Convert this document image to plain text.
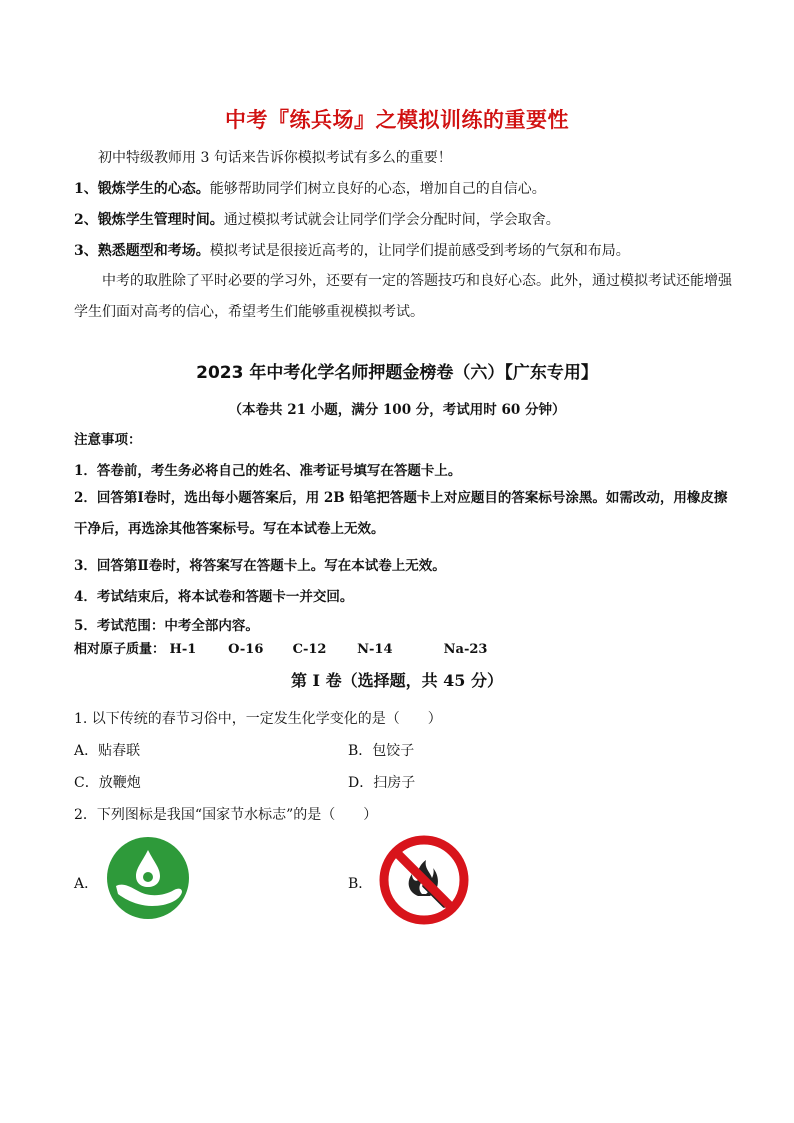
中考『练兵场』之模拟训练的重要性
初中特级教师用 3 句话来告诉你模拟考试有多么的重要！
1、锻炼学生的心态。能够帮助同学们树立良好的心态，增加自己的自信心。
2、锻炼学生管理时间。通过模拟考试就会让同学们学会分配时间，学会取舍。
3、熟悉题型和考场。模拟考试是很接近高考的，让同学们提前感受到考场的气氛和布局。
中考的取胜除了平时必要的学习外，还要有一定的答题技巧和良好心态。此外，通过模拟考试还能增强学生们面对高考的信心，希望考生们能够重视模拟考试。
2023 年中考化学名师押题金榜卷（六）【广东专用】
（本卷共 21 小题，满分 100 分，考试用时 60 分钟）
注意事项：
1．答卷前，考生务必将自己的姓名、准考证号填写在答题卡上。
2．回答第Ⅰ卷时，选出每小题答案后，用 2B 铅笔把答题卡上对应题目的答案标号涂黑。如需改动，用橡皮擦干净后，再选涂其他答案标号。写在本试卷上无效。
3．回答第Ⅱ卷时，将答案写在答题卡上。写在本试卷上无效。
4．考试结束后，将本试卷和答题卡一并交回。
5．考试范围：中考全部内容。
相对原子质量： H-1 O-16 C-12 N-14	Na-23
第 I 卷（选择题，共 45 分）
1. 以下传统的春节习俗中，一定发生化学变化的是（　　）
A．贴春联	B．包饺子
C．放鞭炮	D．扫房子
2．下列图标是我国“国家节水标志”的是（　　）
A．	B．
